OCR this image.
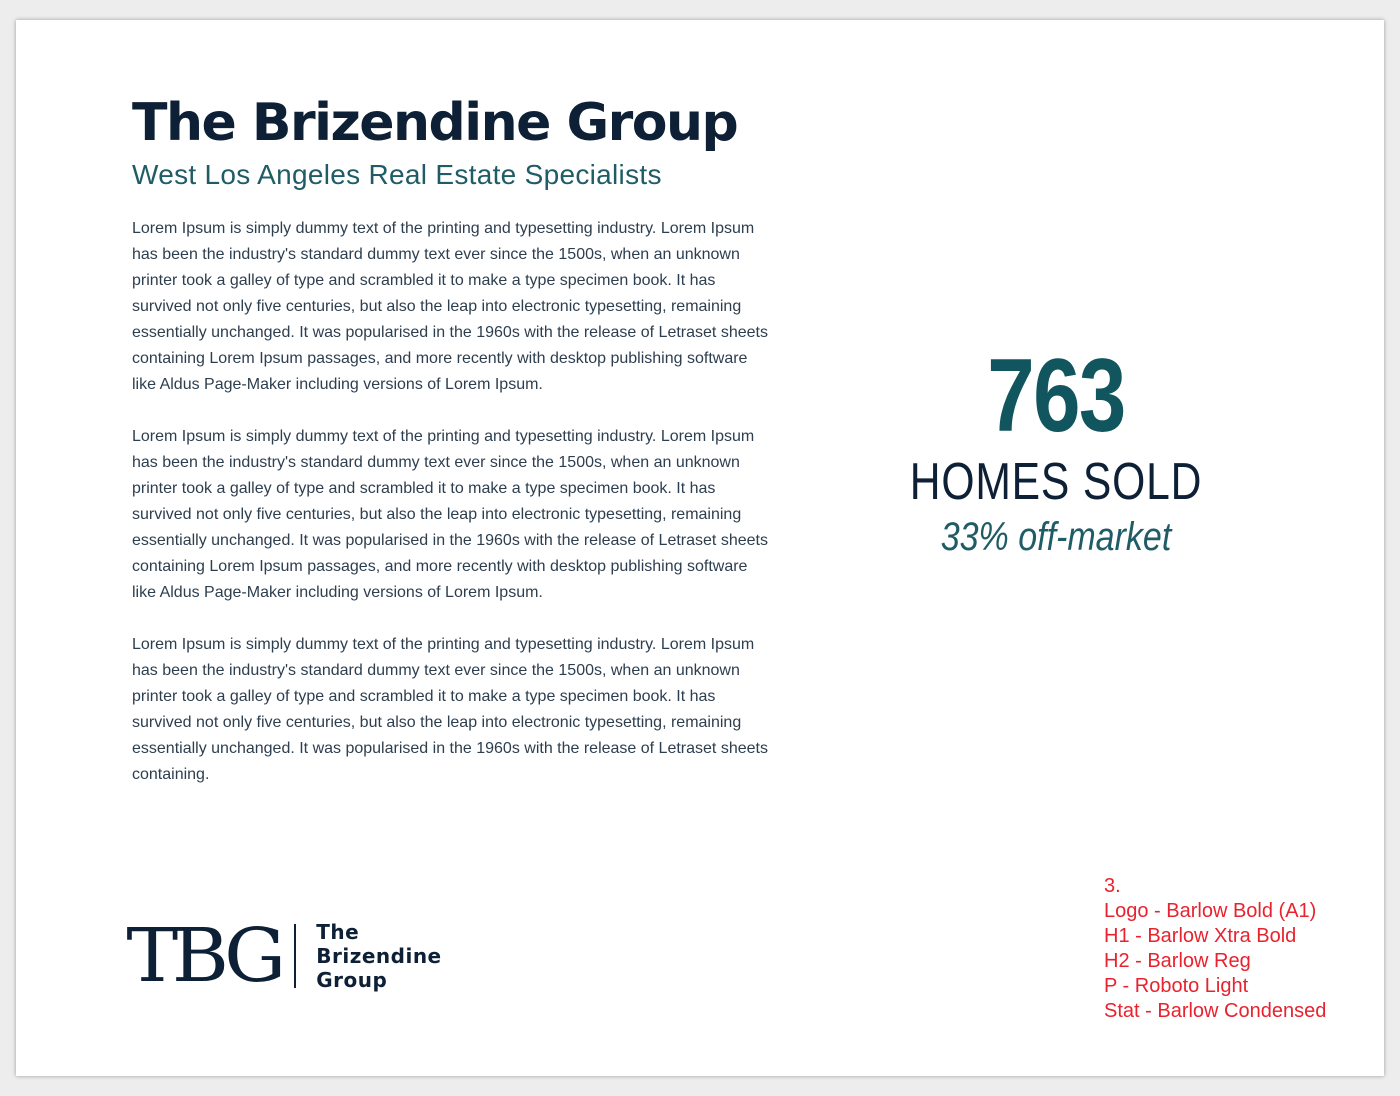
The Brizendine Group
West Los Angeles Real Estate Specialists

Lorem Ipsum is simply dummy text of the printing and typesetting industry. Lorem Ipsum has been the industry's standard dummy text ever since the 1500s, when an unknown printer took a galley of type and scrambled it to make a type specimen book. It has survived not only five centuries, but also the leap into electronic typesetting, remaining essentially unchanged. It was popularised in the 1960s with the release of Letraset sheets containing Lorem Ipsum passages, and more recently with desktop publishing software like Aldus Page-Maker including versions of Lorem Ipsum.

Lorem Ipsum is simply dummy text of the printing and typesetting industry. Lorem Ipsum has been the industry's standard dummy text ever since the 1500s, when an unknown printer took a galley of type and scrambled it to make a type specimen book. It has survived not only five centuries, but also the leap into electronic typesetting, remaining essentially unchanged. It was popularised in the 1960s with the release of Letraset sheets containing Lorem Ipsum passages, and more recently with desktop publishing software like Aldus Page-Maker including versions of Lorem Ipsum.

Lorem Ipsum is simply dummy text of the printing and typesetting industry. Lorem Ipsum has been the industry's standard dummy text ever since the 1500s, when an unknown printer took a galley of type and scrambled it to make a type specimen book. It has survived not only five centuries, but also the leap into electronic typesetting, remaining essentially unchanged. It was popularised in the 1960s with the release of Letraset sheets containing.

763
HOMES SOLD
33% off-market
TBG The
Brizendine
Group
3.
Logo - Barlow Bold (A1)
H1 - Barlow Xtra Bold
H2 - Barlow Reg
P - Roboto Light
Stat - Barlow Condensed
